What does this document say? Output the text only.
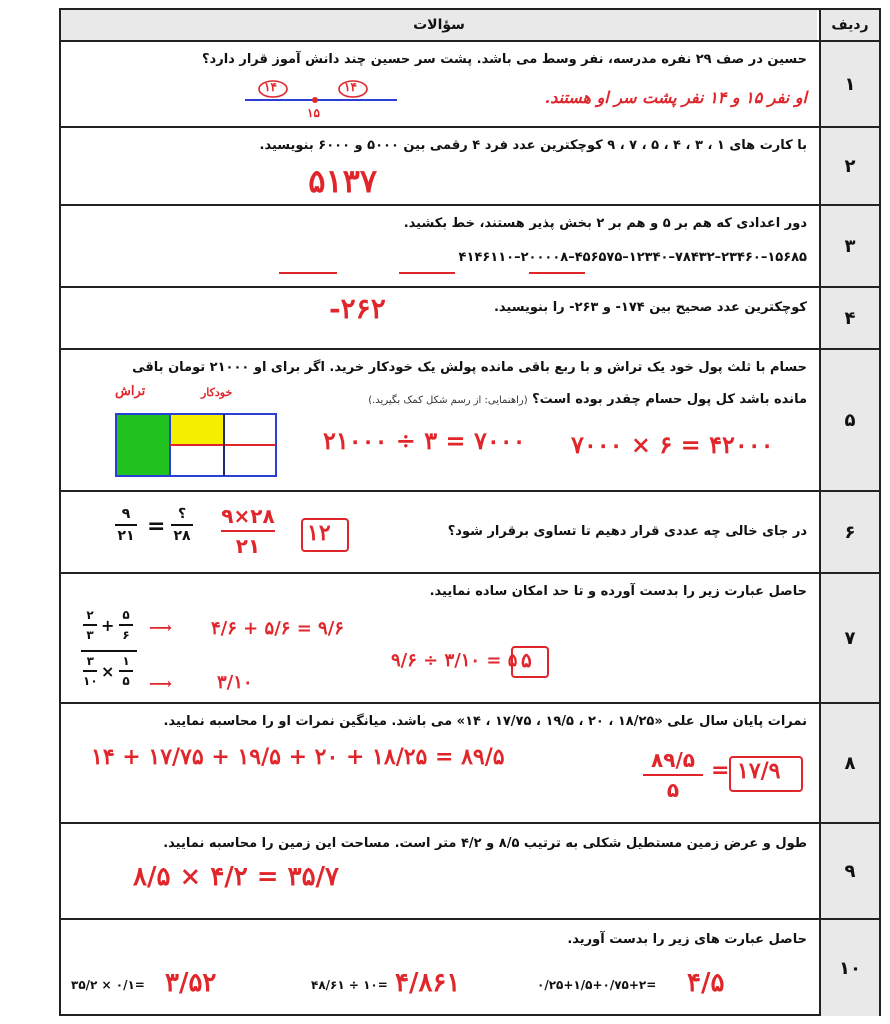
ردیف
سؤالات
۱
حسین در صف ۲۹ نفره مدرسه، نفر وسط می باشد. پشت سر حسین چند دانش آموز قرار دارد؟
۱۴	۱۴
۱۵
او نفر ۱۵ و ۱۴ نفر پشت سر او هستند.
۲
با کارت های ۱ ، ۳ ، ۴ ، ۵ ، ۷ ، ۹ کوچکترین عدد فرد ۴ رقمی بین ۵۰۰۰ و ۶۰۰۰ بنویسید.
۵۱۳۷
۳
دور اعدادی که هم بر ۵ و هم بر ۲ بخش پذیر هستند، خط بکشید.
۴۱۴۶۱۱۰–۲۰۰۰۰۸–۴۵۶۵۷۵–۱۲۳۴۰–۷۸۴۳۲–۲۳۴۶۰–۱۵۶۸۵
۴
کوچکترین عدد صحیح بین ۱۷۴- و ۲۶۳- را بنویسید.
-۲۶۲
۵
حسام با ثلث پول خود یک تراش و با ربع باقی مانده پولش یک خودکار خرید. اگر برای او ۲۱۰۰۰ تومان باقی
مانده باشد کل پول حسام چقدر بوده است؟ (راهنمایی: از رسم شکل کمک بگیرید.)
تراش	خودکار
۲۱۰۰۰ ÷ ۳ = ۷۰۰۰ ۷۰۰۰ × ۶ = ۴۲۰۰۰
۶
در جای خالی چه عددی قرار دهیم تا تساوی برقرار شود؟
۹
۲۱ = ؟
۲۸
۹×۲۸
۲۱ ۱۲
۷
حاصل عبارت زیر را بدست آورده و تا حد امکان ساده نمایید.
۲
۳ +
۵
۶
۳
۱۰ ×
۱
۵
⟶
⟶
۴/۶ + ۵/۶ = ۹/۶
۳/۱۰
۹/۶ ÷ ۳/۱۰ = ۵ ۵
۸
نمرات پایان سال علی «۱۸/۲۵ ، ۲۰ ، ۱۹/۵ ، ۱۷/۷۵ ، ۱۴» می باشد. میانگین نمرات او را محاسبه نمایید.
۱۴ + ۱۷/۷۵ + ۱۹/۵ + ۲۰ + ۱۸/۲۵ = ۸۹/۵	۸۹/۵
۵
= ۱۷/۹
۹
طول و عرض زمین مستطیل شکلی به ترتیب ۸/۵ و ۴/۲ متر است. مساحت این زمین را محاسبه نمایید.
۸/۵ × ۴/۲ = ۳۵/۷
۱۰
حاصل عبارت های زیر را بدست آورید.
۰/۲۵+۱/۵+۰/۷۵+۲= ۴/۵
۴۸/۶۱ ÷ ۱۰= ۴/۸۶۱
۳۵/۲ × ۰/۱= ۳/۵۲
